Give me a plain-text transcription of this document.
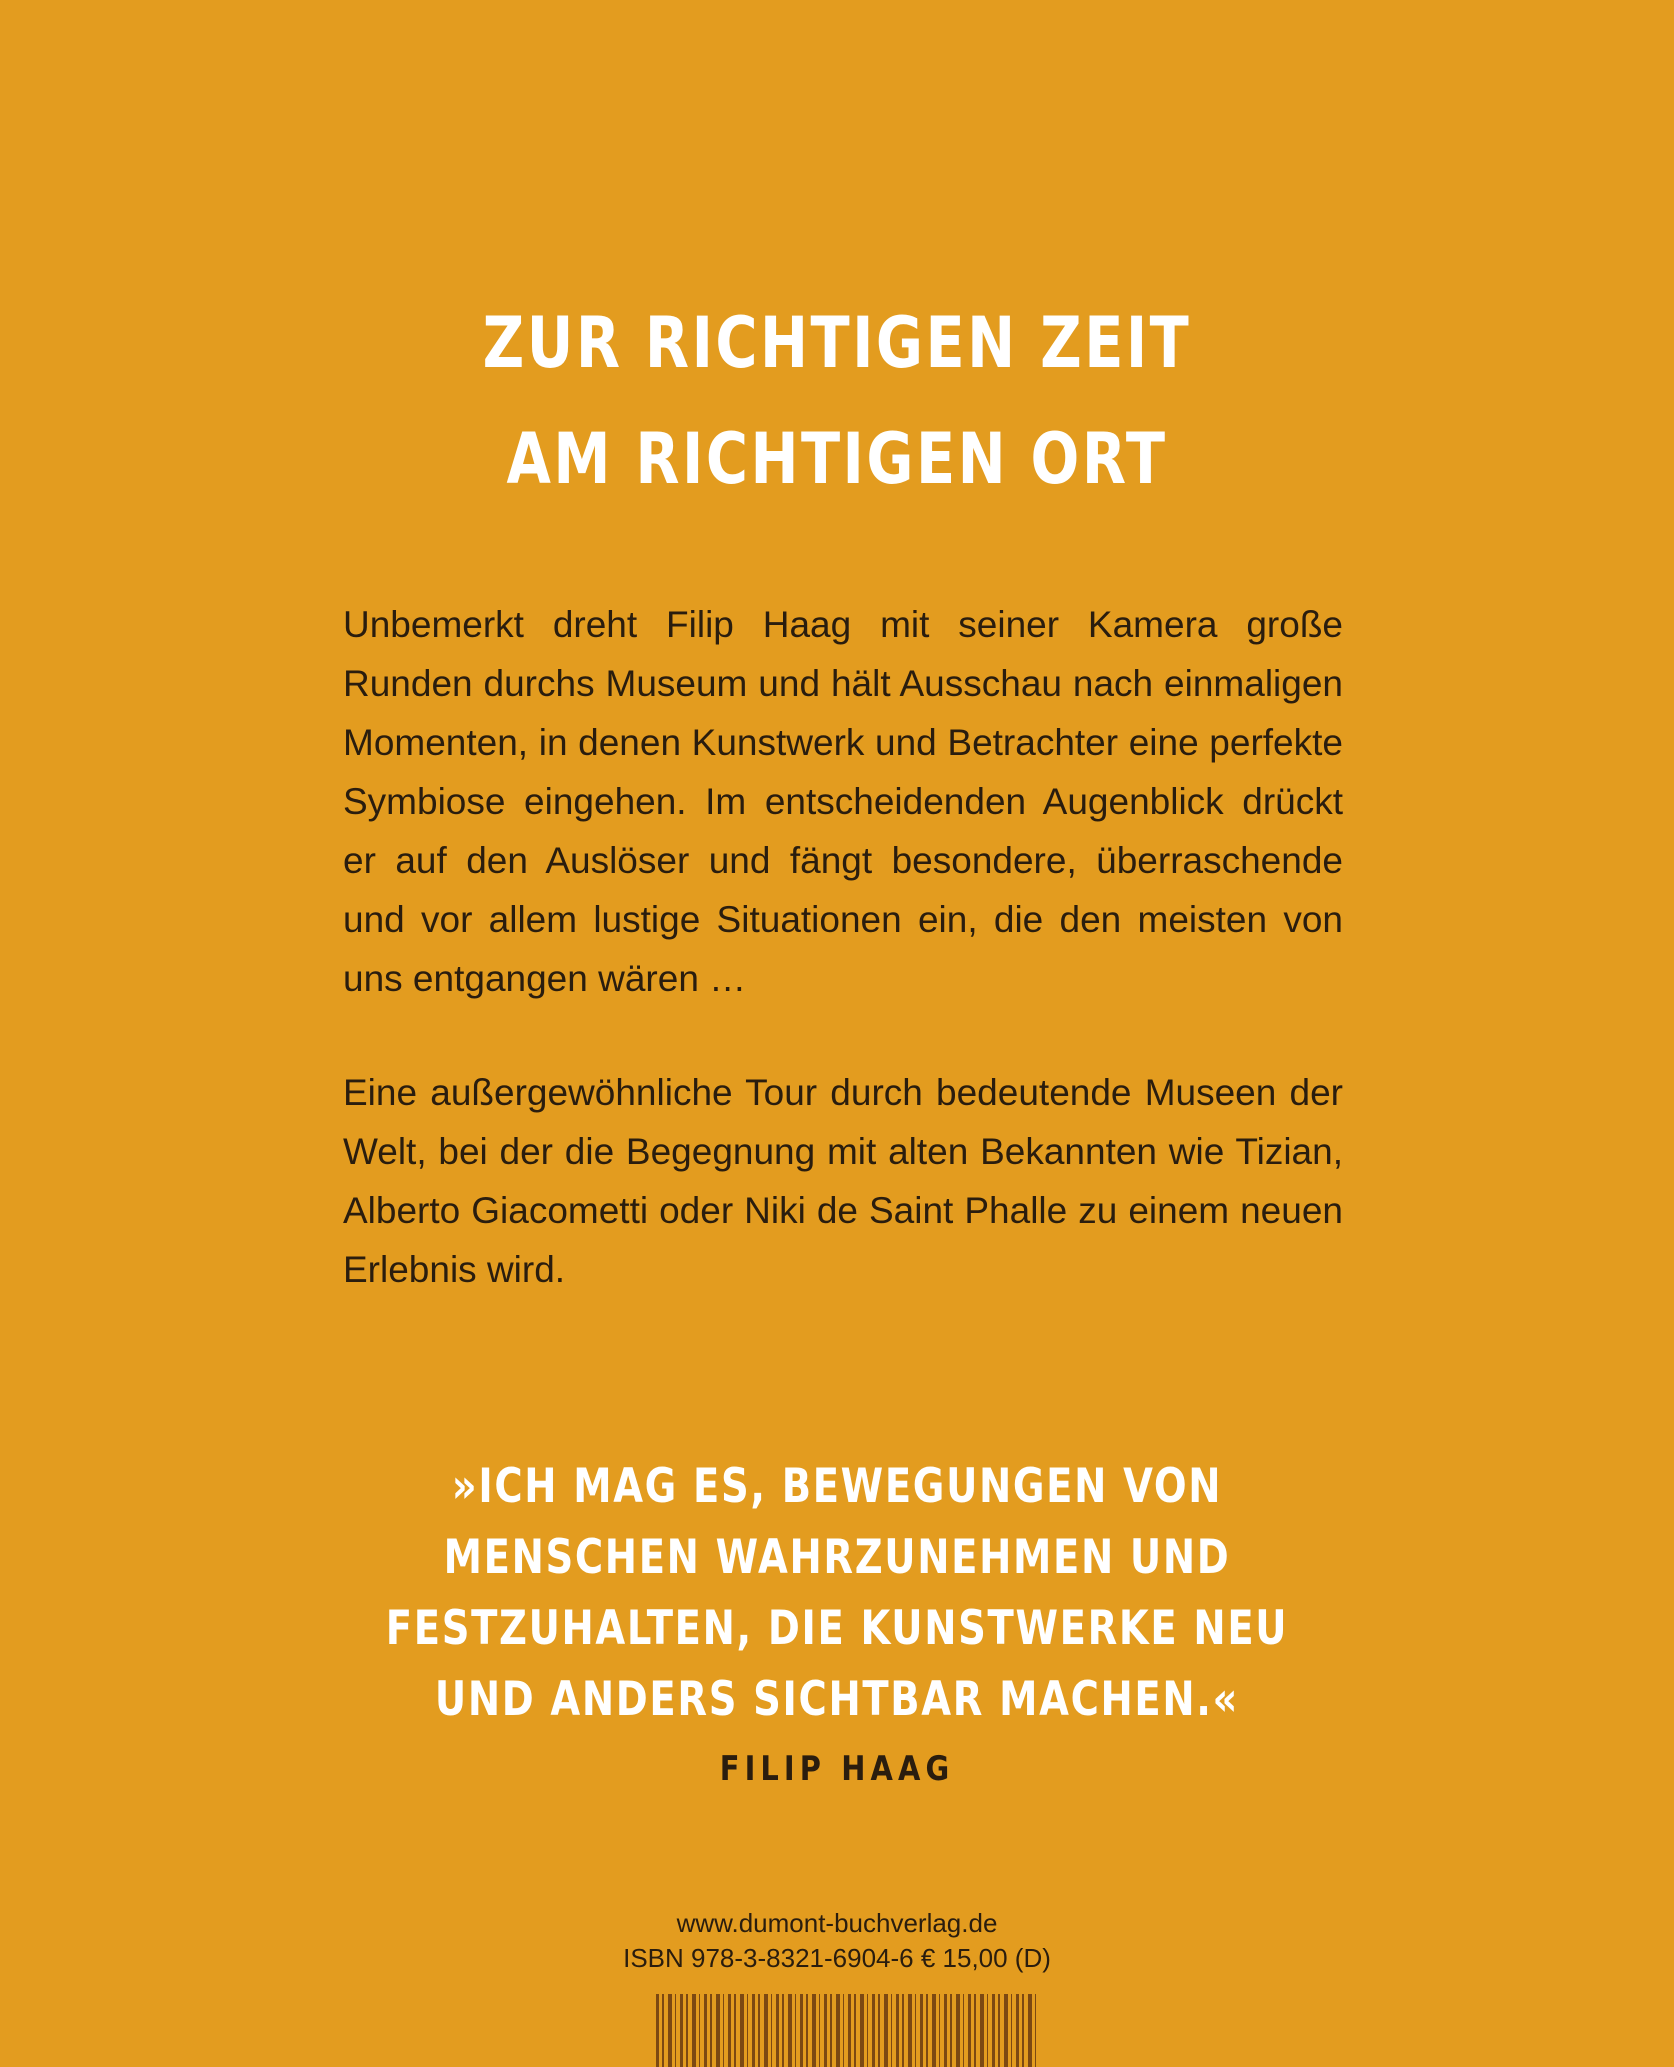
ZUR RICHTIGEN ZEIT
AM RICHTIGEN ORT

Unbemerkt dreht Filip Haag mit seiner Kamera große Runden durchs Museum und hält Ausschau nach einmaligen Momenten, in denen Kunstwerk und Betrachter eine perfekte Symbiose eingehen. Im entscheidenden Augenblick drückt er auf den Auslöser und fängt besondere, überraschende und vor allem lustige Situationen ein, die den meisten von uns entgangen wären …

Eine außergewöhnliche Tour durch bedeutende Museen der Welt, bei der die Begegnung mit alten Bekannten wie Tizian, Alberto Giacometti oder Niki de Saint Phalle zu einem neuen Erlebnis wird.

»ICH MAG ES, BEWEGUNGEN VON
MENSCHEN WAHRZUNEHMEN UND
FESTZUHALTEN, DIE KUNSTWERKE NEU
UND ANDERS SICHTBAR MACHEN.«
FILIP HAAG
www.dumont-buchverlag.de
ISBN 978-3-8321-6904-6 € 15,00 (D)
